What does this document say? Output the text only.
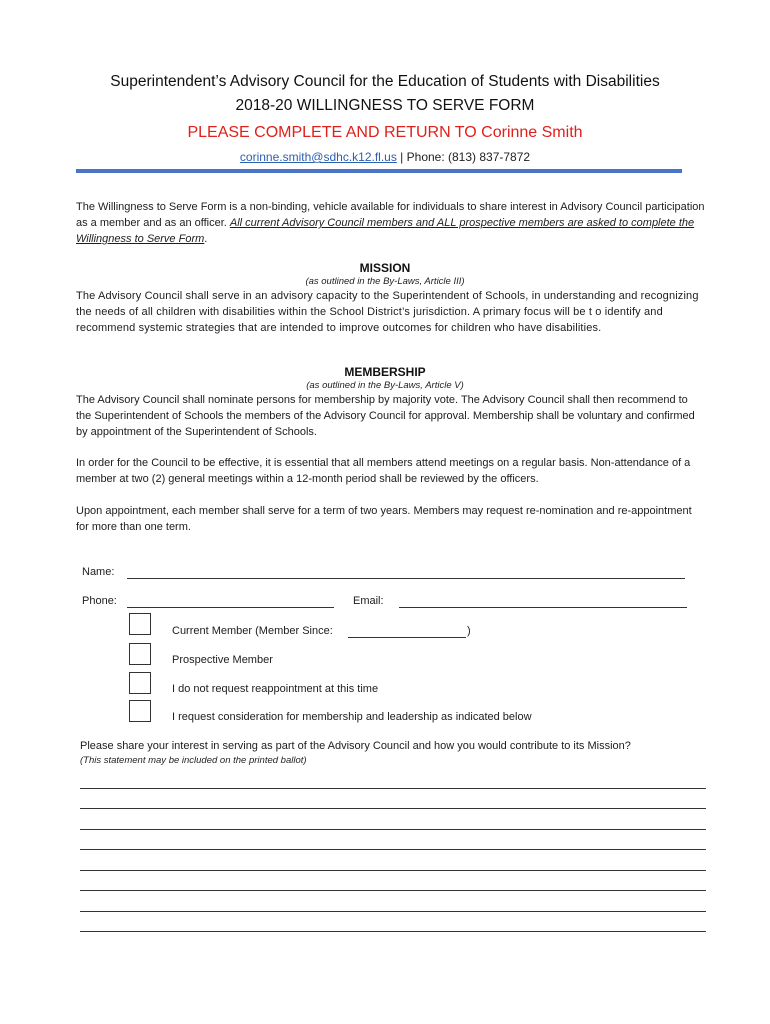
Superintendent’s Advisory Council for the Education of Students with Disabilities
2018-20 WILLINGNESS TO SERVE FORM
PLEASE COMPLETE AND RETURN TO Corinne Smith
corinne.smith@sdhc.k12.fl.us | Phone: (813) 837-7872
The Willingness to Serve Form is a non-binding, vehicle available for individuals to share interest in Advisory Council participation as a member and as an officer. All current Advisory Council members and ALL prospective members are asked to complete the Willingness to Serve Form.
MISSION
(as outlined in the By-Laws, Article III)
The Advisory Council shall serve in an advisory capacity to the Superintendent of Schools, in understanding and recognizing the needs of all children with disabilities within the School District’s jurisdiction. A primary focus will be t o identify and recommend systemic strategies that are intended to improve outcomes for children who have disabilities.
MEMBERSHIP
(as outlined in the By-Laws, Article V)
The Advisory Council shall nominate persons for membership by majority vote. The Advisory Council shall then recommend to the Superintendent of Schools the members of the Advisory Council for approval. Membership shall be voluntary and confirmed by appointment of the Superintendent of Schools.
In order for the Council to be effective, it is essential that all members attend meetings on a regular basis. Non-attendance of a member at two (2) general meetings within a 12-month period shall be reviewed by the officers.
Upon appointment, each member shall serve for a term of two years. Members may request re-nomination and re-appointment for more than one term.
Name:
Phone:	Email:
Current Member (Member Since:	)
Prospective Member
I do not request reappointment at this time
I request consideration for membership and leadership as indicated below
Please share your interest in serving as part of the Advisory Council and how you would contribute to its Mission?
(This statement may be included on the printed ballot)
